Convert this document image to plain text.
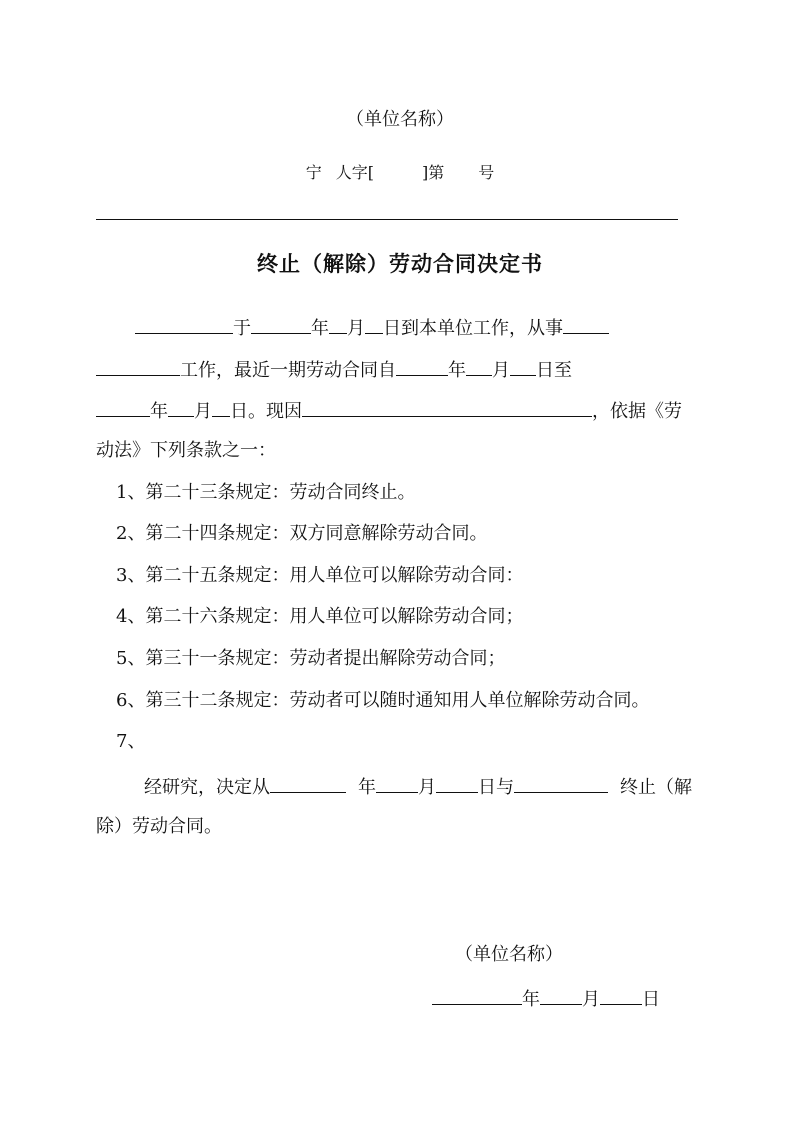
（单位名称）
宁 人字[	]第 号
终止（解除）劳动合同决定书
于	年 月 日到本单位工作，从事
工作，最近一期劳动合同自	年 月 日至
年 月 日。现因	，依据《劳
动法》下列条款之一：
1、第二十三条规定：劳动合同终止。
2、第二十四条规定：双方同意解除劳动合同。
3、第二十五条规定：用人单位可以解除劳动合同：
4、第二十六条规定：用人单位可以解除劳动合同；
5、第三十一条规定：劳动者提出解除劳动合同；
6、第三十二条规定：劳动者可以随时通知用人单位解除劳动合同。
7、
经研究，决定从	年 月 日与	终止（解
除）劳动合同。
（单位名称）
年 月 日
